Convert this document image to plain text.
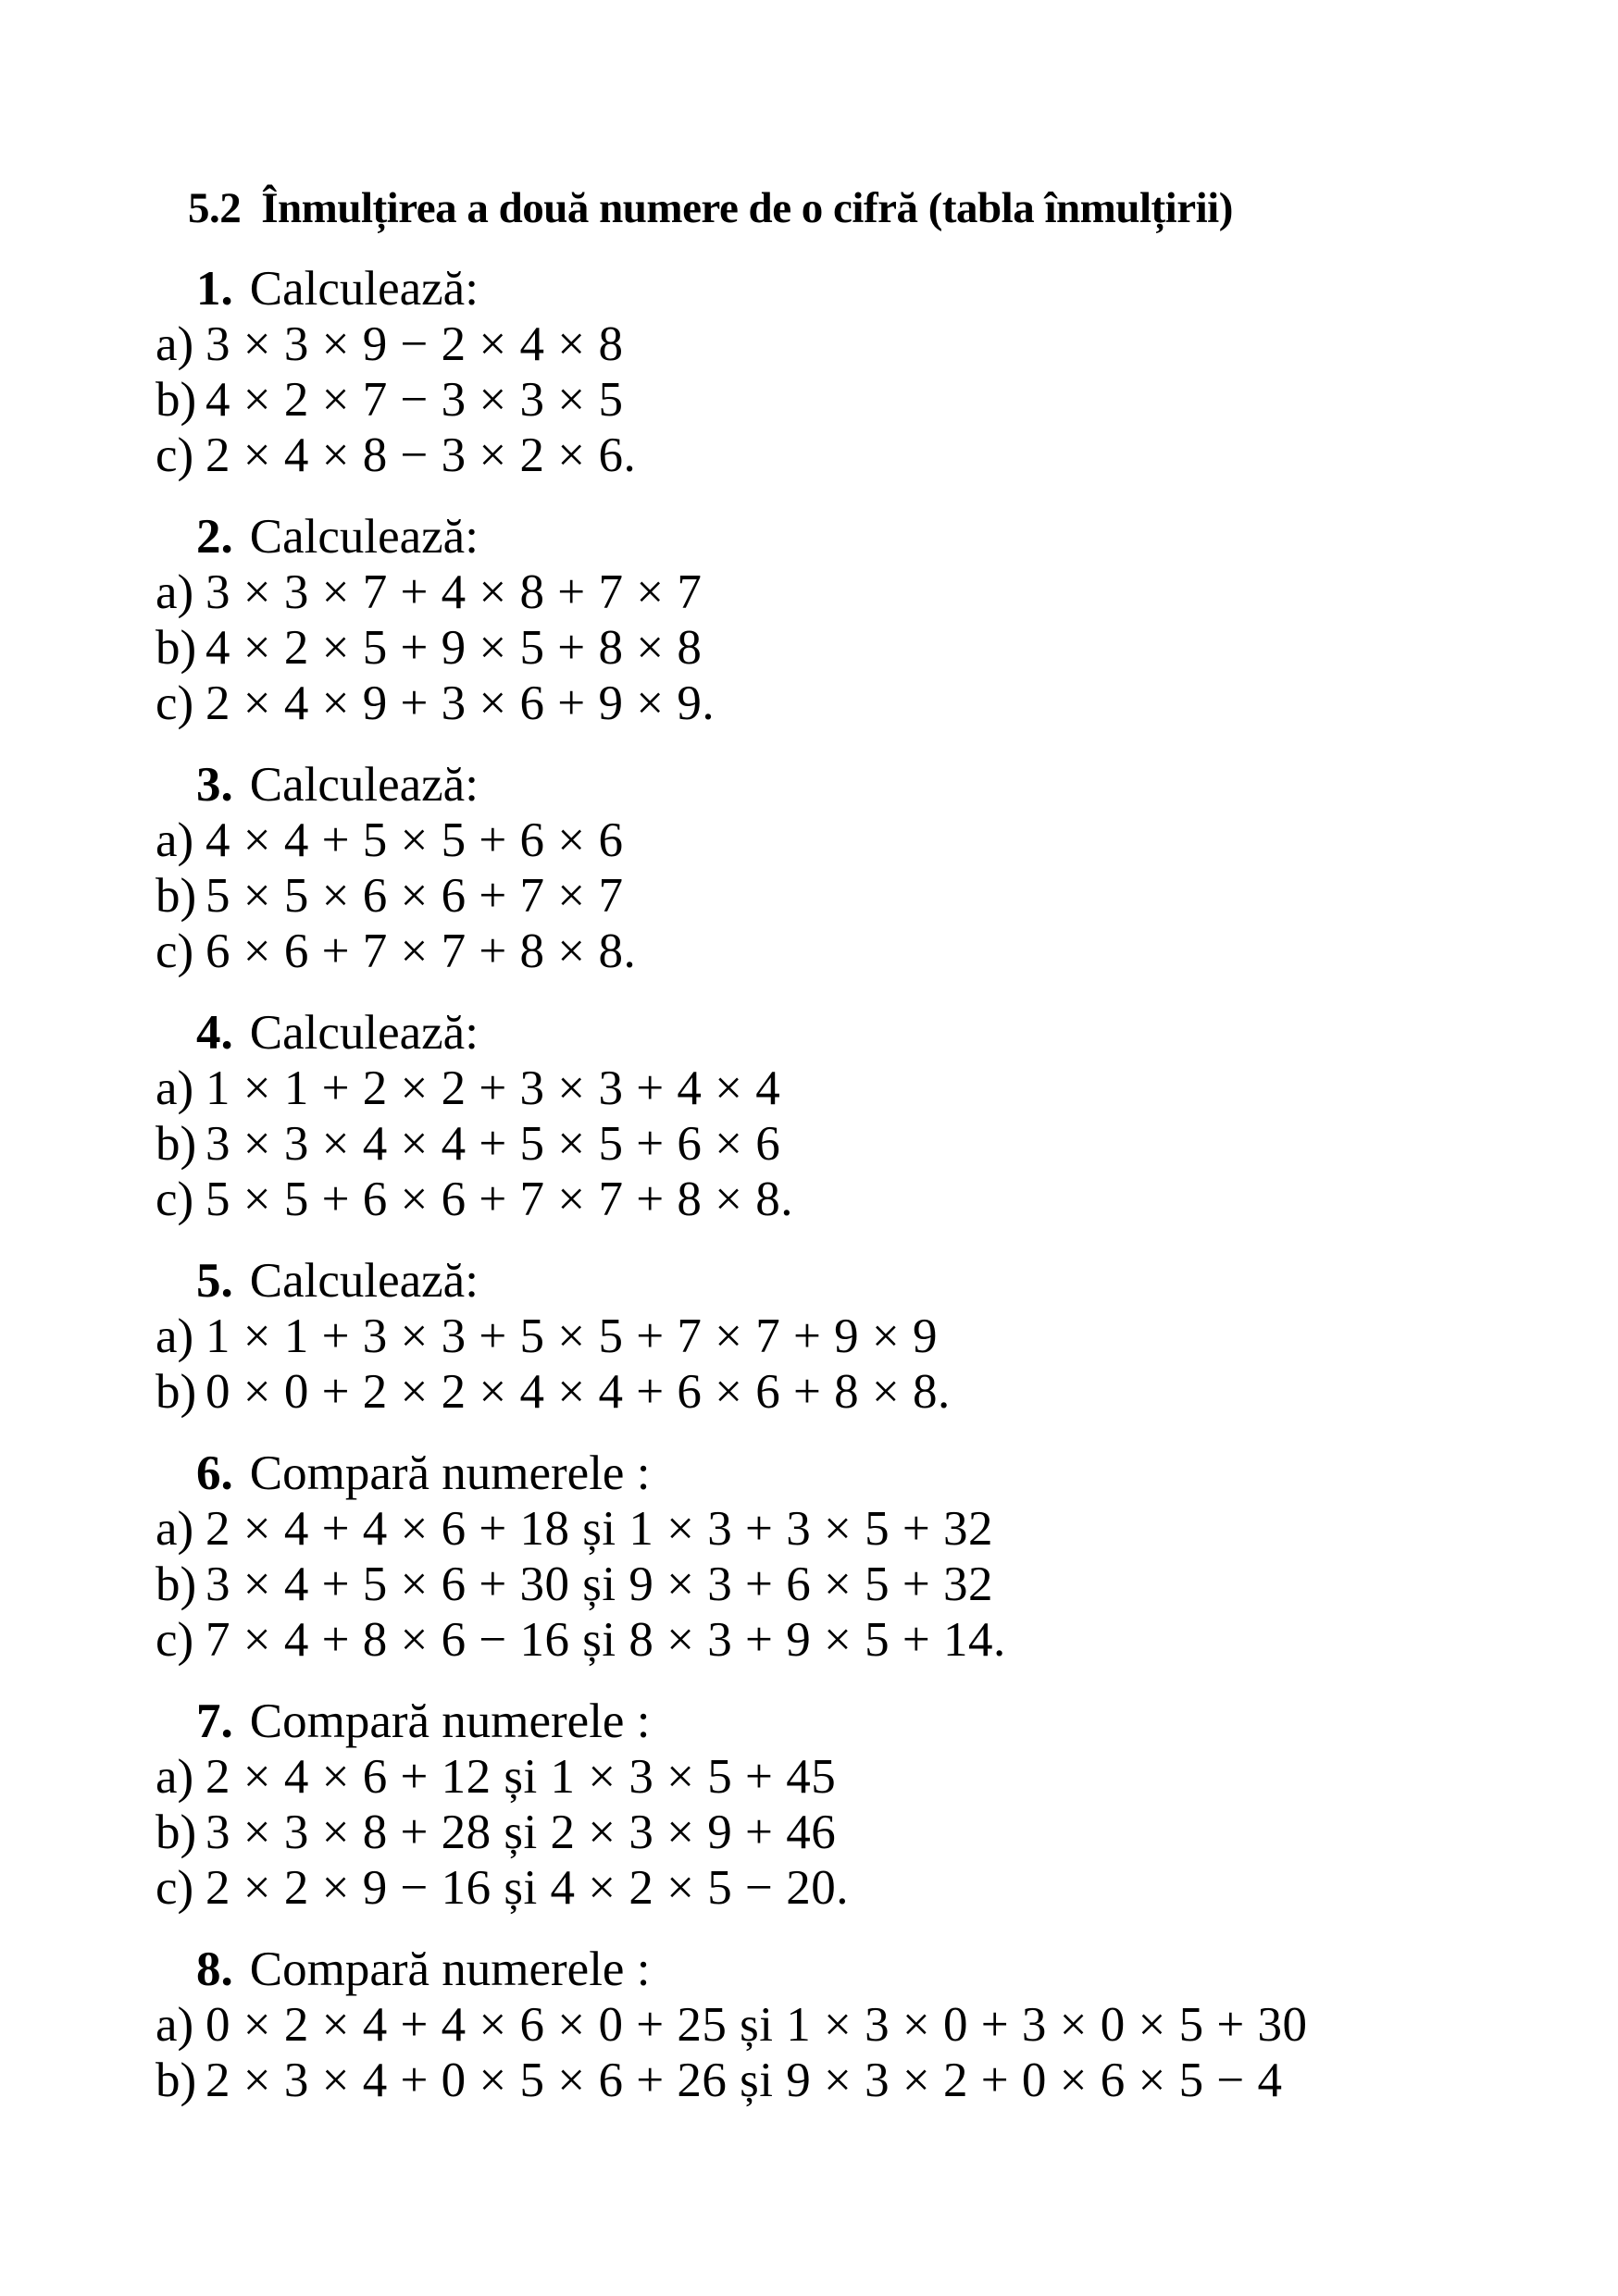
5.2 Înmulțirea a două numere de o cifră (tabla înmulțirii)
1. Calculează:
a) 3 × 3 × 9 − 2 × 4 × 8
b) 4 × 2 × 7 − 3 × 3 × 5
c) 2 × 4 × 8 − 3 × 2 × 6.
2. Calculează:
a) 3 × 3 × 7 + 4 × 8 + 7 × 7
b) 4 × 2 × 5 + 9 × 5 + 8 × 8
c) 2 × 4 × 9 + 3 × 6 + 9 × 9.
3. Calculează:
a) 4 × 4 + 5 × 5 + 6 × 6
b) 5 × 5 × 6 × 6 + 7 × 7
c) 6 × 6 + 7 × 7 + 8 × 8.
4. Calculează:
a) 1 × 1 + 2 × 2 + 3 × 3 + 4 × 4
b) 3 × 3 × 4 × 4 + 5 × 5 + 6 × 6
c) 5 × 5 + 6 × 6 + 7 × 7 + 8 × 8.
5. Calculează:
a) 1 × 1 + 3 × 3 + 5 × 5 + 7 × 7 + 9 × 9
b) 0 × 0 + 2 × 2 × 4 × 4 + 6 × 6 + 8 × 8.
6. Compară numerele :
a) 2 × 4 + 4 × 6 + 18 și 1 × 3 + 3 × 5 + 32
b) 3 × 4 + 5 × 6 + 30 și 9 × 3 + 6 × 5 + 32
c) 7 × 4 + 8 × 6 − 16 și 8 × 3 + 9 × 5 + 14.
7. Compară numerele :
a) 2 × 4 × 6 + 12 și 1 × 3 × 5 + 45
b) 3 × 3 × 8 + 28 și 2 × 3 × 9 + 46
c) 2 × 2 × 9 − 16 și 4 × 2 × 5 − 20.
8. Compară numerele :
a) 0 × 2 × 4 + 4 × 6 × 0 + 25 și 1 × 3 × 0 + 3 × 0 × 5 + 30
b) 2 × 3 × 4 + 0 × 5 × 6 + 26 și 9 × 3 × 2 + 0 × 6 × 5 − 4
